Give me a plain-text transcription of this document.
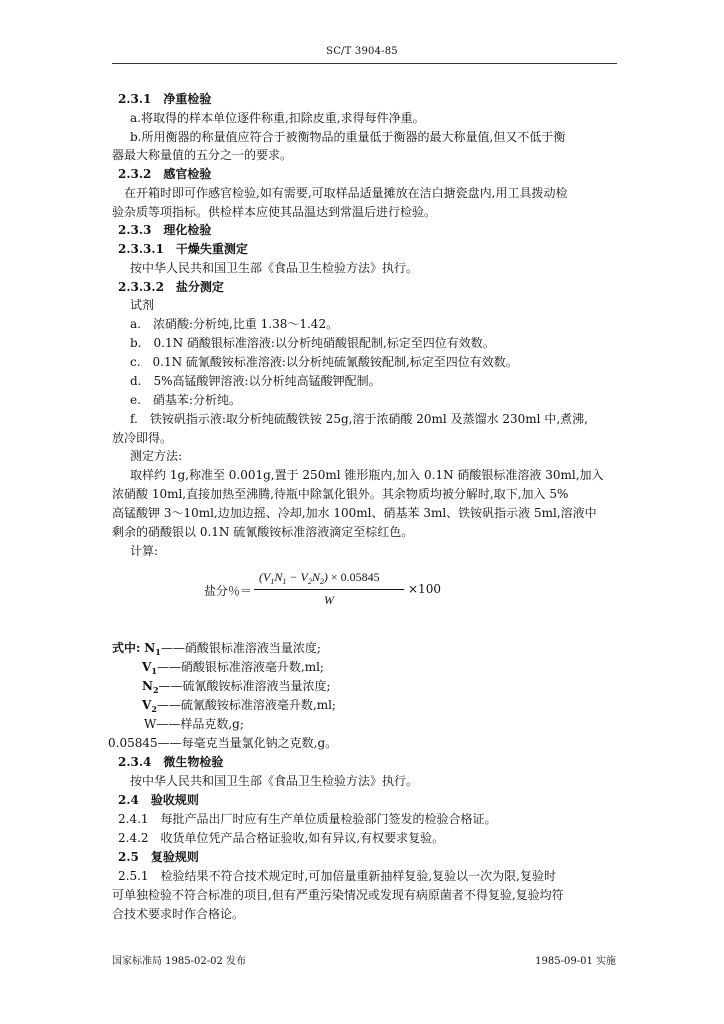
SC/T 3904-85
2.3.1　净重检验
a.将取得的样本单位逐件称重,扣除皮重,求得每件净重。
b.所用衡器的称量值应符合于被衡物品的重量低于衡器的最大称量值,但又不低于衡
器最大称量值的五分之一的要求。
2.3.2　感官检验
在开箱时即可作感官检验,如有需要,可取样品适量摊放在洁白搪瓷盘内,用工具拨动检
验杂质等项指标。供检样本应使其品温达到常温后进行检验。
2.3.3　理化检验
2.3.3.1　干燥失重测定
按中华人民共和国卫生部《食品卫生检验方法》执行。
2.3.3.2　盐分测定
试剂
a.　浓硝酸:分析纯,比重 1.38～1.42。
b.　0.1N 硝酸银标准溶液:以分析纯硝酸银配制,标定至四位有效数。
c.　0.1N 硫氰酸铵标准溶液:以分析纯硫氰酸铵配制,标定至四位有效数。
d.　5%高锰酸钾溶液:以分析纯高锰酸钾配制。
e.　硝基苯:分析纯。
f.　铁铵矾指示液:取分析纯硫酸铁铵 25g,溶于浓硝酸 20ml 及蒸馏水 230ml 中,煮沸,
放冷即得。
测定方法:
取样约 1g,称准至 0.001g,置于 250ml 锥形瓶内,加入 0.1N 硝酸银标准溶液 30ml,加入
浓硝酸 10ml,直接加热至沸腾,待瓶中除氯化银外。其余物质均被分解时,取下,加入 5%
高锰酸钾 3～10ml,边加边摇、冷却,加水 100ml、硝基苯 3ml、铁铵矾指示液 5ml,溶液中
剩余的硝酸银以 0.1N 硫氰酸铵标准溶液滴定至棕红色。
计算:
盐分％＝
$(V_1N_1 - V_2N_2) \times 0.05845$
W
×100
式中: $N_1——$硝酸银标准溶液当量浓度;
$V_1——$硝酸银标准溶液毫升数,ml;
$N_2——$硫氰酸铵标准溶液当量浓度;
$V_2——$硫氰酸铵标准溶液毫升数,ml;
W——样品克数,g;
0.05845——每毫克当量氯化钠之克数,g。
2.3.4　微生物检验
按中华人民共和国卫生部《食品卫生检验方法》执行。
2.4　验收规则
2.4.1　每批产品出厂时应有生产单位质量检验部门签发的检验合格证。
2.4.2　收货单位凭产品合格证验收,如有异议,有权要求复验。
2.5　复验规则
2.5.1　检验结果不符合技术规定时,可加倍量重新抽样复验,复验以一次为限,复验时
可单独检验不符合标准的项目,但有严重污染情况或发现有病原菌者不得复验,复验均符
合技术要求时作合格论。
国家标准局 1985-02-02 发布	1985-09-01 实施
